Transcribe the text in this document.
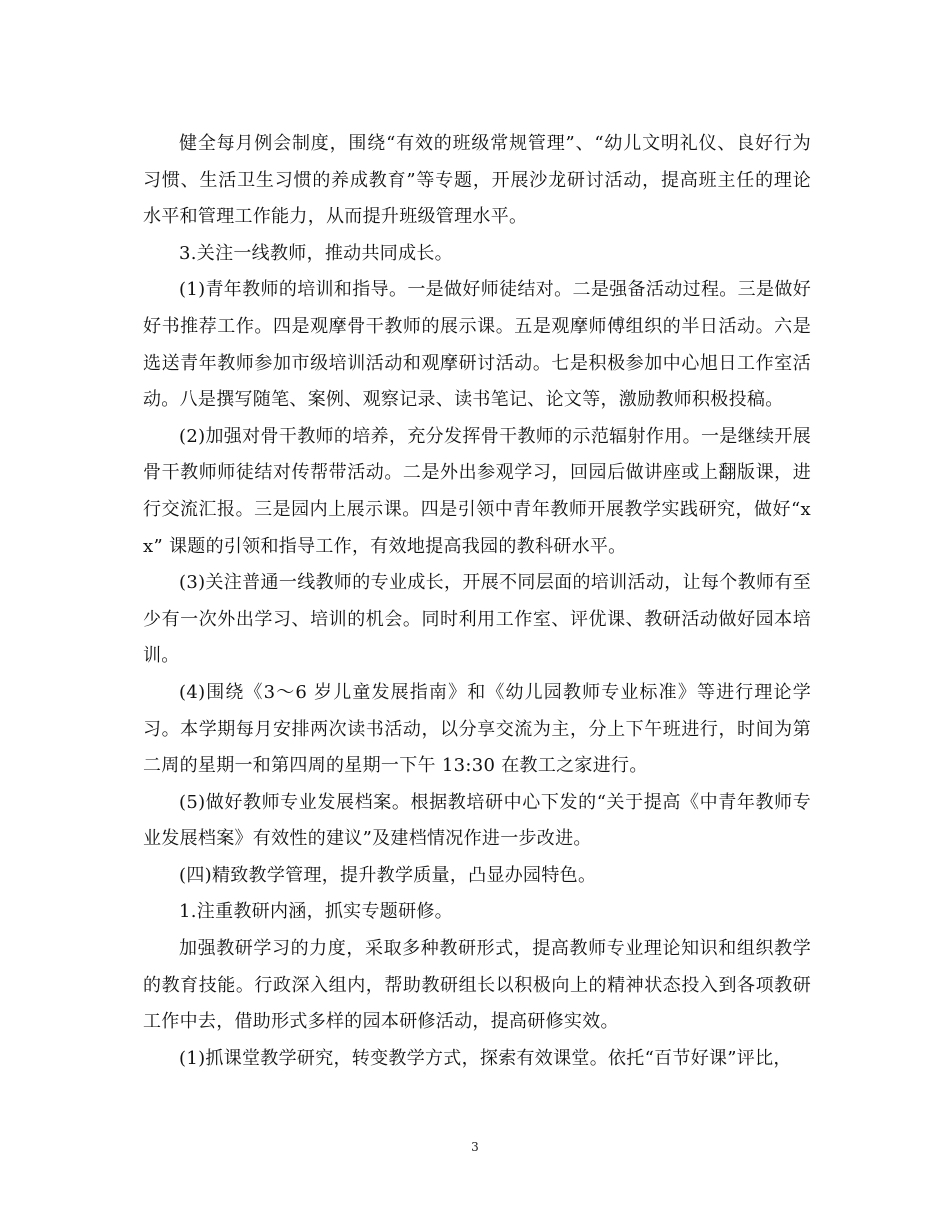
健全每月例会制度，围绕“有效的班级常规管理”、“幼儿文明礼仪、良好行为习惯、生活卫生习惯的养成教育”等专题，开展沙龙研讨活动，提高班主任的理论水平和管理工作能力，从而提升班级管理水平。

3.关注一线教师，推动共同成长。

(1)青年教师的培训和指导。一是做好师徒结对。二是强备活动过程。三是做好好书推荐工作。四是观摩骨干教师的展示课。五是观摩师傅组织的半日活动。六是选送青年教师参加市级培训活动和观摩研讨活动。七是积极参加中心旭日工作室活动。八是撰写随笔、案例、观察记录、读书笔记、论文等，激励教师积极投稿。

(2)加强对骨干教师的培养，充分发挥骨干教师的示范辐射作用。一是继续开展骨干教师师徒结对传帮带活动。二是外出参观学习，回园后做讲座或上翻版课，进行交流汇报。三是园内上展示课。四是引领中青年教师开展教学实践研究，做好“xx” 课题的引领和指导工作，有效地提高我园的教科研水平。

(3)关注普通一线教师的专业成长，开展不同层面的培训活动，让每个教师有至少有一次外出学习、培训的机会。同时利用工作室、评优课、教研活动做好园本培训。

(4)围绕《3～6 岁儿童发展指南》和《幼儿园教师专业标准》等进行理论学习。本学期每月安排两次读书活动，以分享交流为主，分上下午班进行，时间为第二周的星期一和第四周的星期一下午 13:30 在教工之家进行。

(5)做好教师专业发展档案。根据教培研中心下发的“关于提高《中青年教师专业发展档案》有效性的建议”及建档情况作进一步改进。

(四)精致教学管理，提升教学质量，凸显办园特色。

1.注重教研内涵，抓实专题研修。

加强教研学习的力度，采取多种教研形式，提高教师专业理论知识和组织教学的教育技能。行政深入组内，帮助教研组长以积极向上的精神状态投入到各项教研工作中去，借助形式多样的园本研修活动，提高研修实效。

(1)抓课堂教学研究，转变教学方式，探索有效课堂。依托“百节好课”评比，

3
